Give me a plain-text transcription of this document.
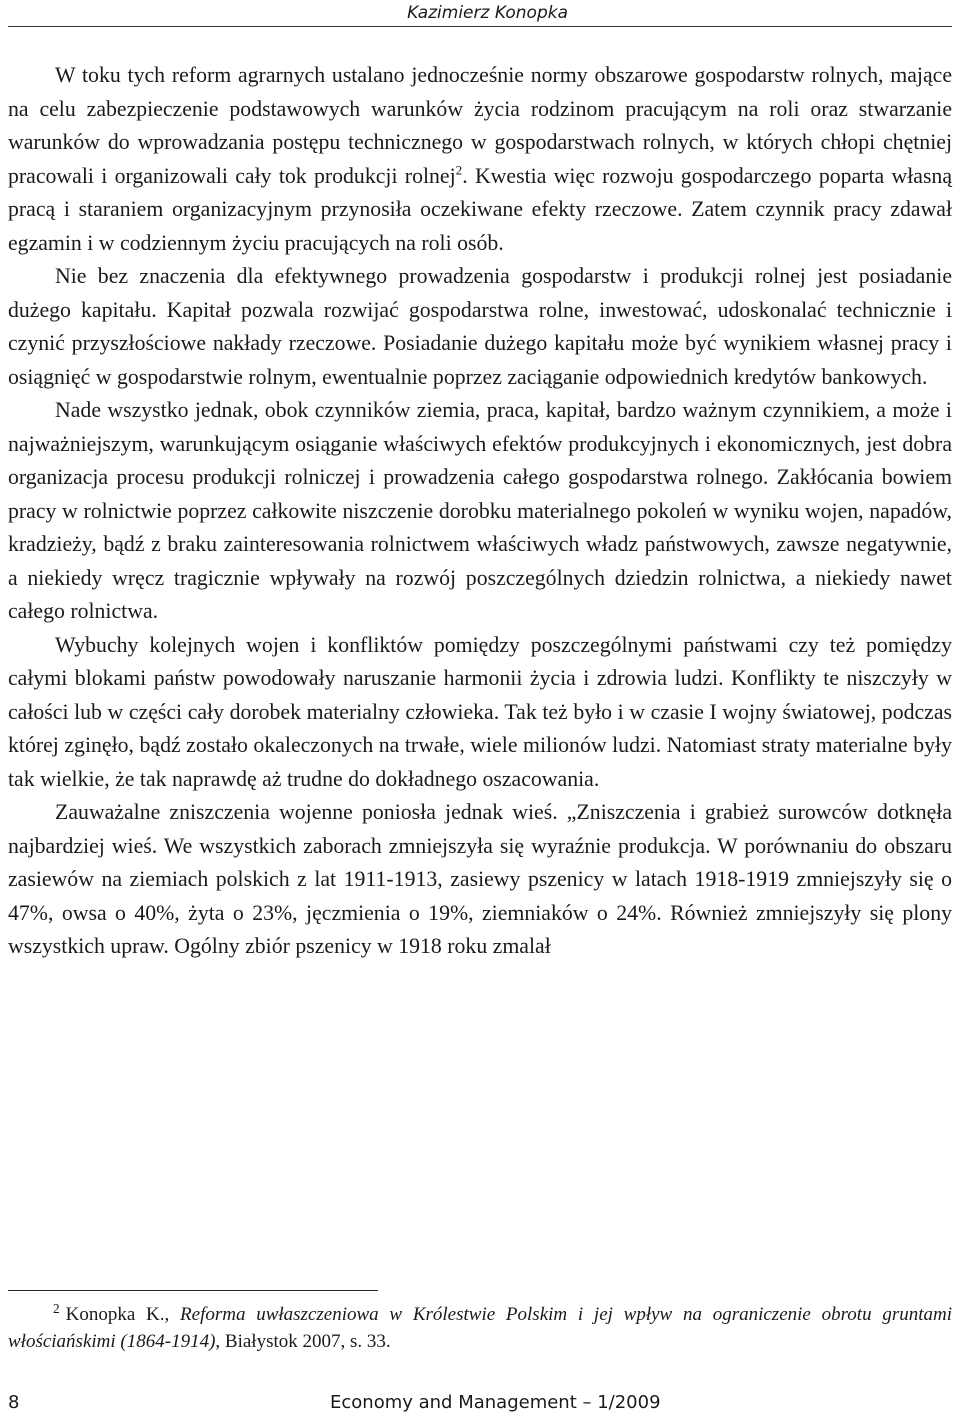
Kazimierz Konopka

W toku tych reform agrarnych ustalano jednocześnie normy obszarowe gospodarstw rolnych, mające na celu zabezpieczenie podstawowych warunków życia rodzinom pracującym na roli oraz stwarzanie warunków do wprowadzania postępu technicznego w gospodarstwach rolnych, w których chłopi chętniej pracowali i organizowali cały tok produkcji rolnej$^2$. Kwestia więc rozwoju gospodarczego poparta własną pracą i staraniem organizacyjnym przynosiła oczekiwane efekty rzeczowe. Zatem czynnik pracy zdawał egzamin i w codziennym życiu pracujących na roli osób.

Nie bez znaczenia dla efektywnego prowadzenia gospodarstw i produkcji rolnej jest posiadanie dużego kapitału. Kapitał pozwala rozwijać gospodarstwa rolne, inwestować, udoskonalać technicznie i czynić przyszłościowe nakłady rzeczowe. Posiadanie dużego kapitału może być wynikiem własnej pracy i osiągnięć w gospodarstwie rolnym, ewentualnie poprzez zaciąganie odpowiednich kredytów bankowych.

Nade wszystko jednak, obok czynników ziemia, praca, kapitał, bardzo ważnym czynnikiem, a może i najważniejszym, warunkującym osiąganie właściwych efektów produkcyjnych i ekonomicznych, jest dobra organizacja procesu produkcji rolniczej i prowadzenia całego gospodarstwa rolnego. Zakłócania bowiem pracy w rolnictwie poprzez całkowite niszczenie dorobku materialnego pokoleń w wyniku wojen, napadów, kradzieży, bądź z braku zainteresowania rolnictwem właściwych władz państwowych, zawsze negatywnie, a niekiedy wręcz tragicznie wpływały na rozwój poszczególnych dziedzin rolnictwa, a niekiedy nawet całego rolnictwa.

Wybuchy kolejnych wojen i konfliktów pomiędzy poszczególnymi państwami czy też pomiędzy całymi blokami państw powodowały naruszanie harmonii życia i zdrowia ludzi. Konflikty te niszczyły w całości lub w części cały dorobek materialny człowieka. Tak też było i w czasie I wojny światowej, podczas której zginęło, bądź zostało okaleczonych na trwałe, wiele milionów ludzi. Natomiast straty materialne były tak wielkie, że tak naprawdę aż trudne do dokładnego oszacowania.

Zauważalne zniszczenia wojenne poniosła jednak wieś. „Zniszczenia i grabież surowców dotknęła najbardziej wieś. We wszystkich zaborach zmniejszyła się wyraźnie produkcja. W porównaniu do obszaru zasiewów na ziemiach polskich z lat 1911-1913, zasiewy pszenicy w latach 1918-1919 zmniejszyły się o 47%, owsa o 40%, żyta o 23%, jęczmienia o 19%, ziemniaków o 24%. Również zmniejszyły się plony wszystkich upraw. Ogólny zbiór pszenicy w 1918 roku zmalał

$^2$ Konopka K., Reforma uwłaszczeniowa w Królestwie Polskim i jej wpływ na ograniczenie obrotu gruntami włościańskimi (1864-1914), Białystok 2007, s. 33.
8	Economy and Management – 1/2009
